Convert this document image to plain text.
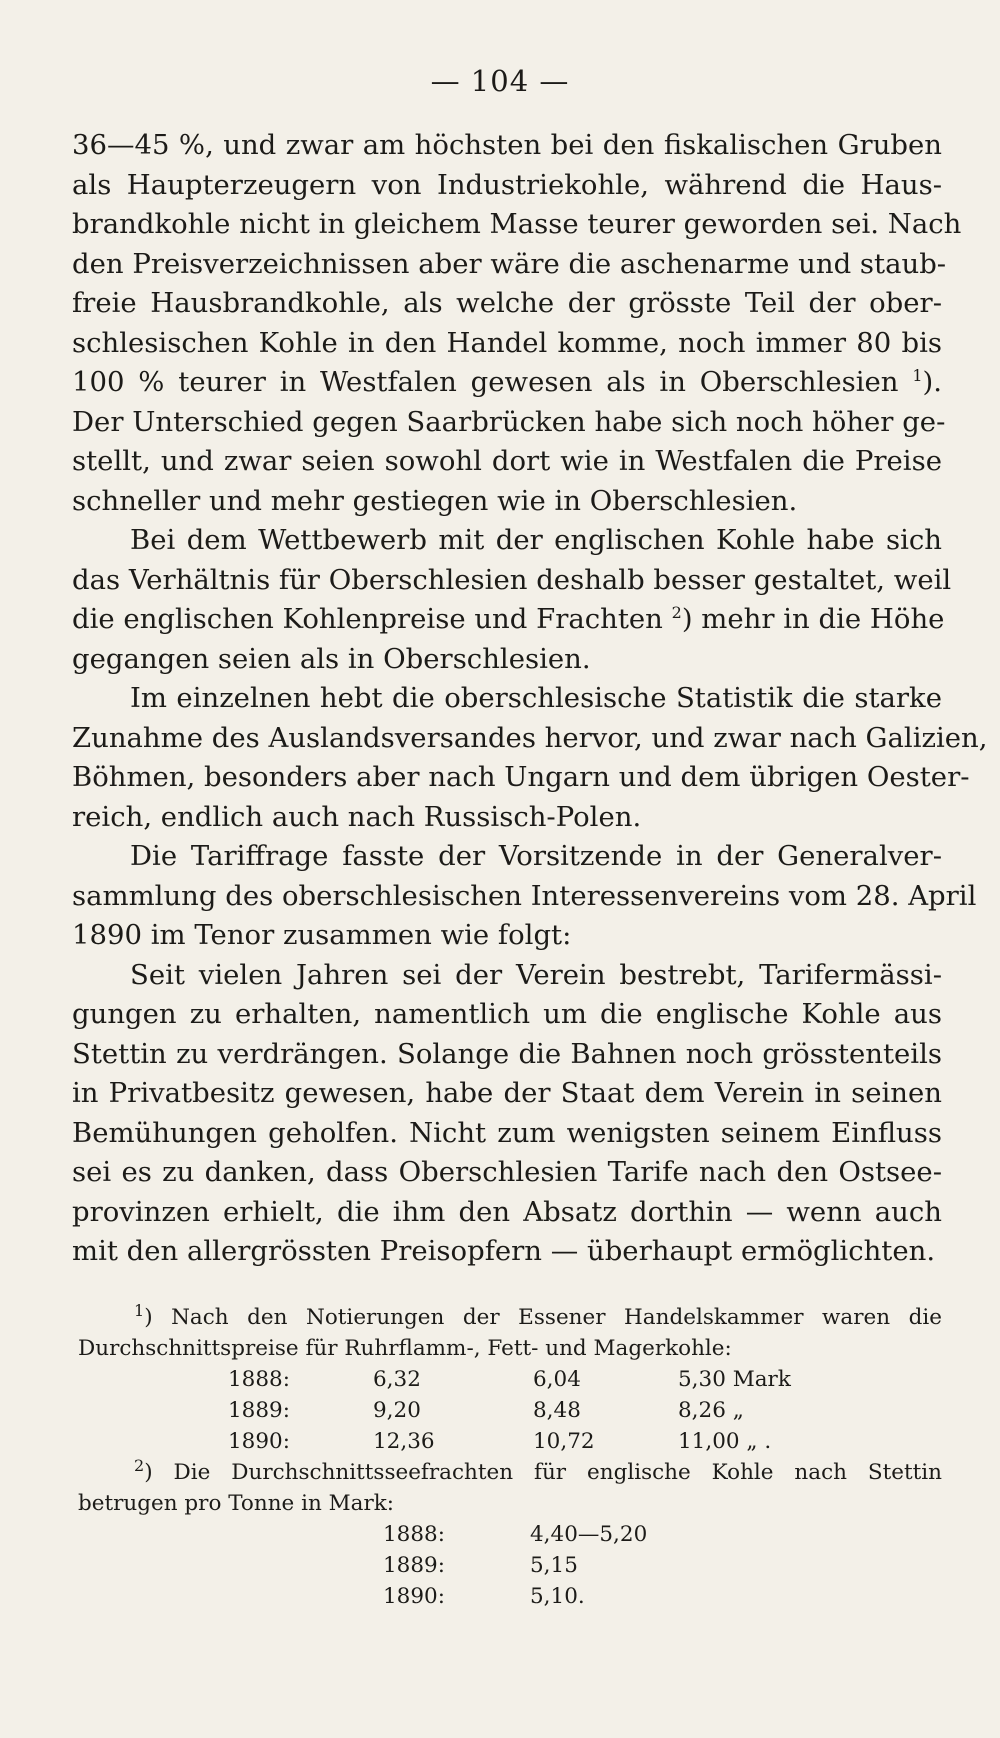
— 104 —
36—45 %, und zwar am höchsten bei den fiskalischen Gruben
als Haupterzeugern von Industriekohle, während die Haus-
brandkohle nicht in gleichem Masse teurer geworden sei. Nach
den Preisverzeichnissen aber wäre die aschenarme und staub-
freie Hausbrandkohle, als welche der grösste Teil der ober-
schlesischen Kohle in den Handel komme, noch immer 80 bis
100 % teurer in Westfalen gewesen als in Oberschlesien $^1$).
Der Unterschied gegen Saarbrücken habe sich noch höher ge-
stellt, und zwar seien sowohl dort wie in Westfalen die Preise
schneller und mehr gestiegen wie in Oberschlesien.
Bei dem Wettbewerb mit der englischen Kohle habe sich
das Verhältnis für Oberschlesien deshalb besser gestaltet, weil
die englischen Kohlenpreise und Frachten $^2$) mehr in die Höhe
gegangen seien als in Oberschlesien.
Im einzelnen hebt die oberschlesische Statistik die starke
Zunahme des Auslandsversandes hervor, und zwar nach Galizien,
Böhmen, besonders aber nach Ungarn und dem übrigen Oester-
reich, endlich auch nach Russisch-Polen.
Die Tariffrage fasste der Vorsitzende in der Generalver-
sammlung des oberschlesischen Interessenvereins vom 28. April
1890 im Tenor zusammen wie folgt:
Seit vielen Jahren sei der Verein bestrebt, Tarifermässi-
gungen zu erhalten, namentlich um die englische Kohle aus
Stettin zu verdrängen. Solange die Bahnen noch grösstenteils
in Privatbesitz gewesen, habe der Staat dem Verein in seinen
Bemühungen geholfen. Nicht zum wenigsten seinem Einfluss
sei es zu danken, dass Oberschlesien Tarife nach den Ostsee-
provinzen erhielt, die ihm den Absatz dorthin — wenn auch
mit den allergrössten Preisopfern — überhaupt ermöglichten.
$^1$) Nach den Notierungen der Essener Handelskammer waren die
Durchschnittspreise für Ruhrflamm-, Fett- und Magerkohle:
1888:	6,32	6,04	5,30 Mark
1889:	9,20	8,48	8,26 „
1890:	12,36	10,72	11,00 „ .
$^2$) Die Durchschnittsseefrachten für englische Kohle nach Stettin
betrugen pro Tonne in Mark:
1888:	4,40—5,20
1889:	5,15
1890:	5,10.
